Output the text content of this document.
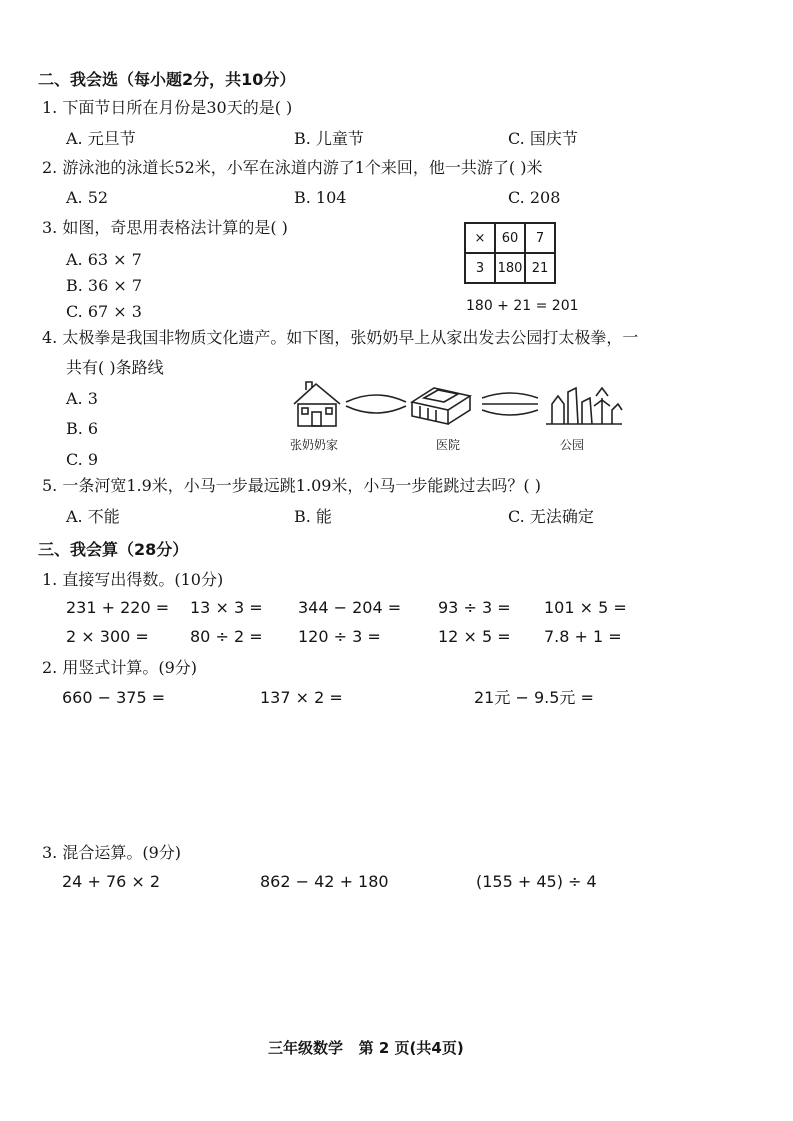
二、我会选（每小题2分，共10分）
1. 下面节日所在月份是30天的是( )
A. 元旦节	B. 儿童节	C. 国庆节
2. 游泳池的泳道长52米，小军在泳道内游了1个来回，他一共游了( )米
A. 52	B. 104	C. 208
3. 如图，奇思用表格法计算的是( )
A. 63 × 7
B. 36 × 7
C. 67 × 3
×	60	7
3	180	21
180 + 21 = 201
4. 太极拳是我国非物质文化遗产。如下图，张奶奶早上从家出发去公园打太极拳，一
共有( )条路线
A. 3
B. 6
C. 9
张奶奶家	医院	公园
5. 一条河宽1.9米，小马一步最远跳1.09米，小马一步能跳过去吗？( )
A. 不能	B. 能	C. 无法确定
三、我会算（28分）
1. 直接写出得数。(10分)
231 + 220 = 13 × 3 = 344 − 204 = 93 ÷ 3 = 101 × 5 =
2 × 300 =	80 ÷ 2 = 120 ÷ 3 =	12 × 5 = 7.8 + 1 =
2. 用竖式计算。(9分)
660 − 375 =	137 × 2 =	21元 − 9.5元 =
3. 混合运算。(9分)
24 + 76 × 2	862 − 42 + 180	(155 + 45) ÷ 4
三年级数学   第 2 页(共4页)
